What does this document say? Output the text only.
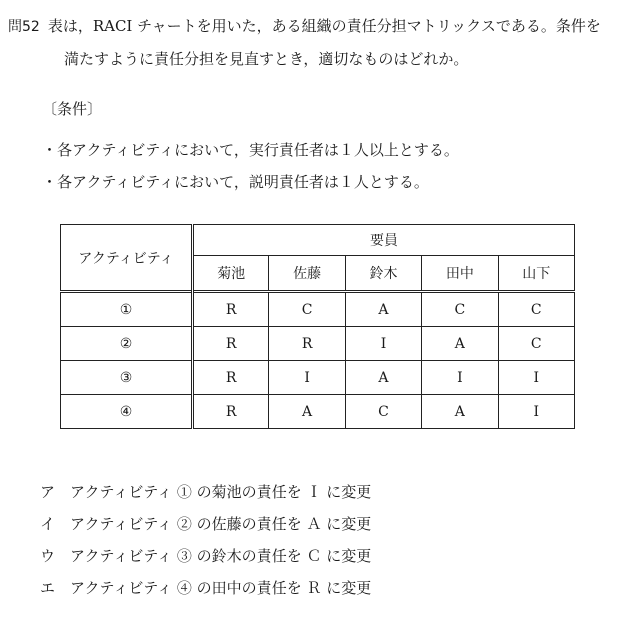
問52 表は，RACI チャートを用いた，ある組織の責任分担マトリックスである。条件を
満たすように責任分担を見直すとき，適切なものはどれか。
〔条件〕
・各アクティビティにおいて，実行責任者は１人以上とする。
・各アクティビティにおいて，説明責任者は１人とする。
アクティビティ	要員				
	菊池	佐藤	鈴木	田中	山下
①	R	C	A	C	C
②	R	R	I	A	C
③	R	I	A	I	I
④	R	A	C	A	I
ア アクティビティ ① の菊池の責任を Ｉ に変更
イ アクティビティ ② の佐藤の責任を Ａ に変更
ウ アクティビティ ③ の鈴木の責任を Ｃ に変更
エ アクティビティ ④ の田中の責任を Ｒ に変更
